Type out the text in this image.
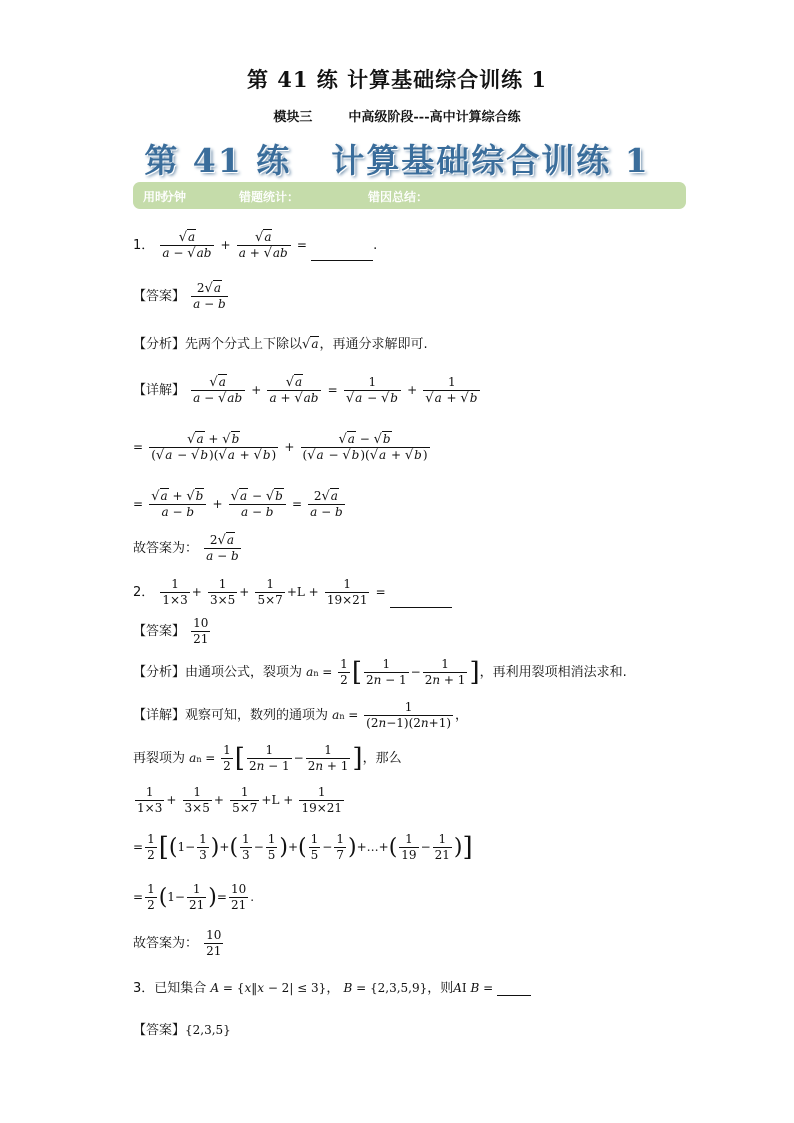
第 41 练 计算基础综合训练 1
模块三	中高级阶段---高中计算综合练
第 41 练 计算基础综合训练 1
用时
分钟	错题统计：	错因总结：
1． $\frac{√a}{a - √ab} + \frac{√a}{a + √ab}$ =	.
【答案】 $\frac{2√a}{a - b}$
【分析】先两个分式上下除以√a，再通分求解即可.
【详解】 $\frac{√a}{a - √ab} + \frac{√a}{a + √ab} = \frac{1}{√a - √b} + \frac{1}{√a + √b}$
= $\frac{√a + √b}{(√a - √b)(√a + √b)} + \frac{√a - √b}{(√a - √b)(√a + √b)}$
= $\frac{√a + √b}{a - b} + \frac{√a - √b}{a - b} = \frac{2√a}{a - b}$
故答案为： $\frac{2√a}{a - b}$
2． $\frac{1}{1\times 3} + \frac{1}{3\times 5} + \frac{1}{5\times 7} +L + \frac{1}{19\times 21}$ =
【答案】 $\frac{10}{21}$
【分析】由通项公式，裂项为 an = $\frac{1}{2}$ [ $\frac{1}{2n - 1} - \frac{1}{2n + 1}$ ]，再利用裂项相消法求和.
【详解】观察可知，数列的通项为 an = $\frac{1}{(2n-1)(2n+1)}$ ，
再裂项为 an = $\frac{1}{2}$ [ $\frac{1}{2n - 1} - \frac{1}{2n + 1}$ ]，那么
$\frac{1}{1\times 3} + \frac{1}{3\times 5} + \frac{1}{5\times 7} +L + \frac{1}{19\times 21}$
= $\frac{1}{2} [(1- \frac{1}{3}$ )+( $\frac{1}{3} - \frac{1}{5}$ )+( $\frac{1}{5} - \frac{1}{7}$ )+…+( $\frac{1}{19} - \frac{1}{21}$ )]
= $\frac{1}{2} (1- \frac{1}{21}$ )= $\frac{10}{21}$ .
故答案为： $\frac{10}{21}$
3．已知集合 A = {x‖x − 2| ≤ 3}， B = {2,3,5,9}，则AI B =
【答案】{2,3,5}
